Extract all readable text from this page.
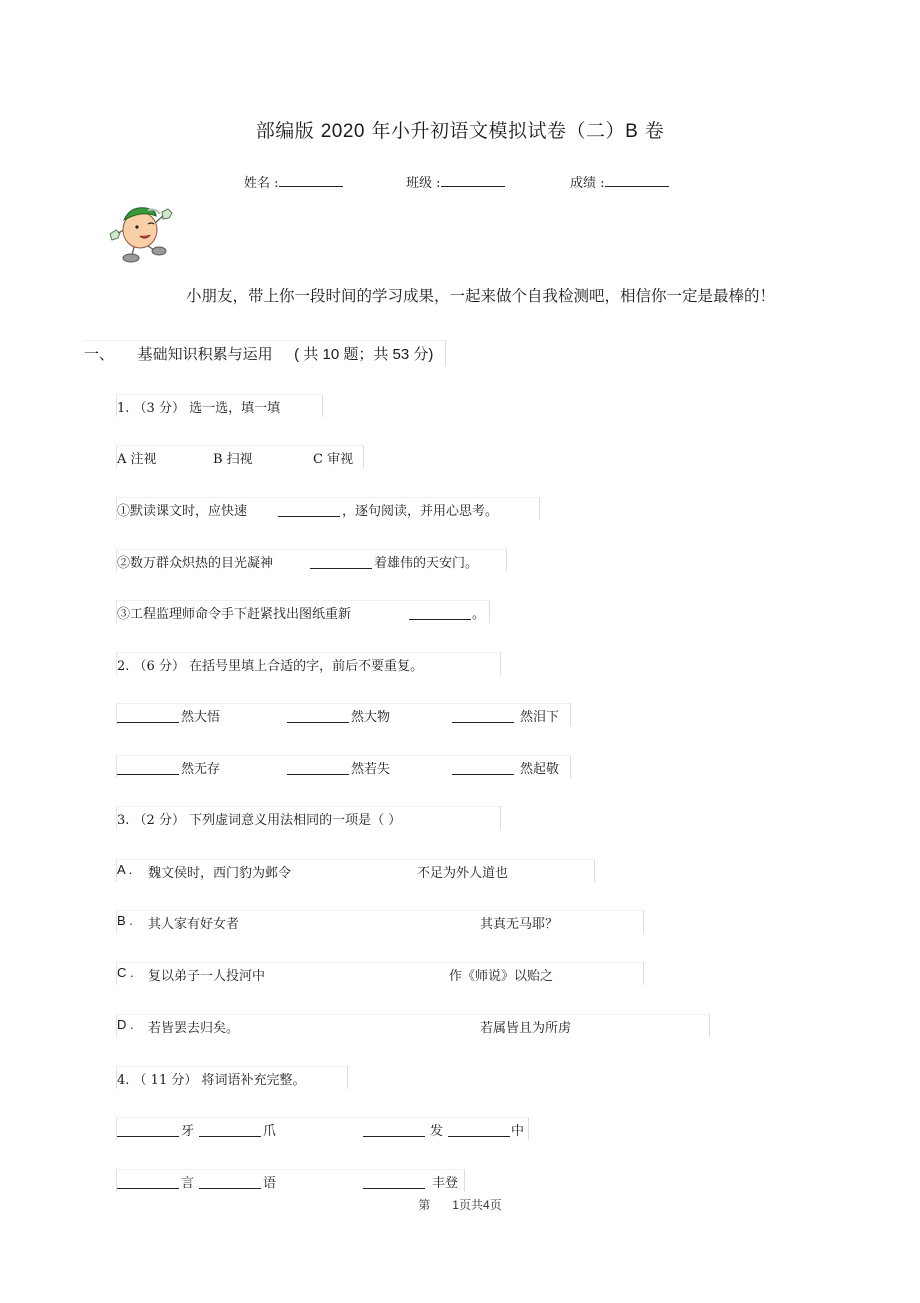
部编版 2020 年小升初语文模拟试卷（二）B 卷
姓名 :	班级 :	成绩 :
小朋友，带上你一段时间的学习成果，一起来做个自我检测吧，相信你一定是最棒的！
一、 基础知识积累与运用 ( 共 10 题；共 53 分)
1. （3 分） 选一选，填一填
A 注视	B 扫视	C 审视
①默读课文时，应快速	，逐句阅读，并用心思考。
②数万群众炽热的目光凝神	着雄伟的天安门。
③工程监理师命令手下赶紧找出图纸重新	。
2. （6 分） 在括号里填上合适的字，前后不要重复。
然大悟	然大物	然泪下
然无存	然若失	然起敬
3. （2 分） 下列虚词意义用法相同的一项是（ ）
A . 魏文侯时，西门豹为邺令	不足为外人道也
B . 其人家有好女者	其真无马耶？
C . 复以弟子一人投河中	作《师说》以贻之
D . 若皆罢去归矣。	若属皆且为所虏
4. （ 11 分） 将词语补充完整。
牙	爪	发	中
言	语	丰登
第 1页共4页
